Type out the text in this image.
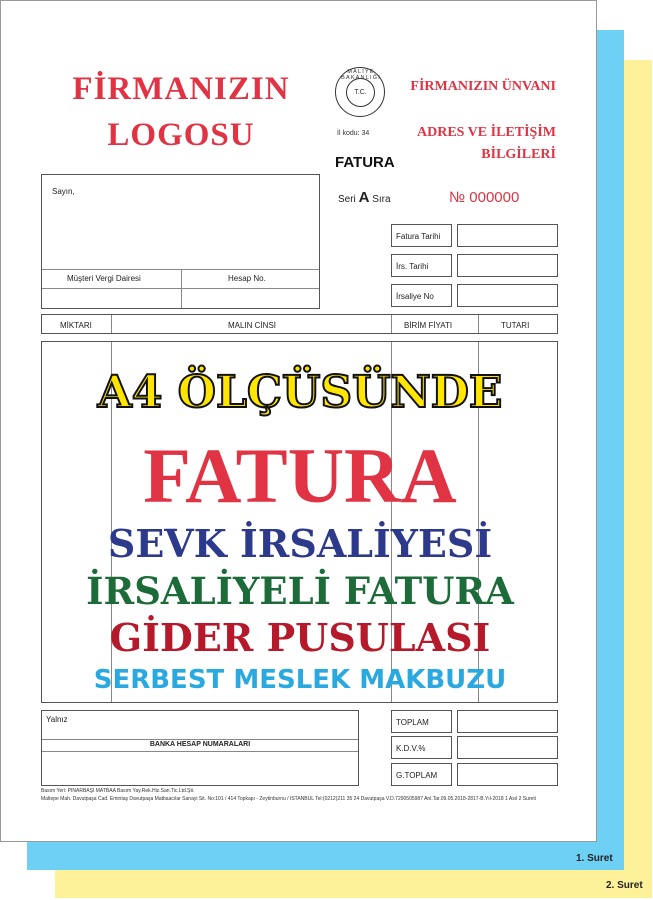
2. Suret
1. Suret
FİRMANIZIN
LOGOSU
MALİYE BAKANLIĞI
T.C.
İl kodu: 34
FATURA
FİRMANIZIN ÜNVANI
ADRES VE İLETİŞİM
BİLGİLERİ
Seri A Sıra	№ 000000
Sayın,
Müşteri Vergi Dairesi	Hesap No.
Fatura Tarihi
İrs. Tarihi
İrsaliye No
MİKTARI	MALIN CİNSİ	BİRİM FİYATI	TUTARI
A4 ÖLÇÜSÜNDE
FATURA
SEVK İRSALİYESİ
İRSALİYELİ FATURA
GİDER PUSULASI
SERBEST MESLEK MAKBUZU
Yalnız
BANKA HESAP NUMARALARI
TOPLAM
K.D.V.%
G.TOPLAM
Basım Yeri: PINARBAŞI MATBAA Basım Yay.Rek.Hiz.San.Tic.Ltd.Şti.
Maltepe Mah. Davutpaşa Cad. Emintaş Davutpaşa Matbaacılar Sanayi Sit. No:101 / 414 Topkapı - Zeytinburnu / İSTANBUL Tel:(0212)211 35 24 Davutpaşa V.D.7290505987 Anl.Tar.09.05.2018-2817-B.Yıl-2018 1 Asıl 2 Sureti
